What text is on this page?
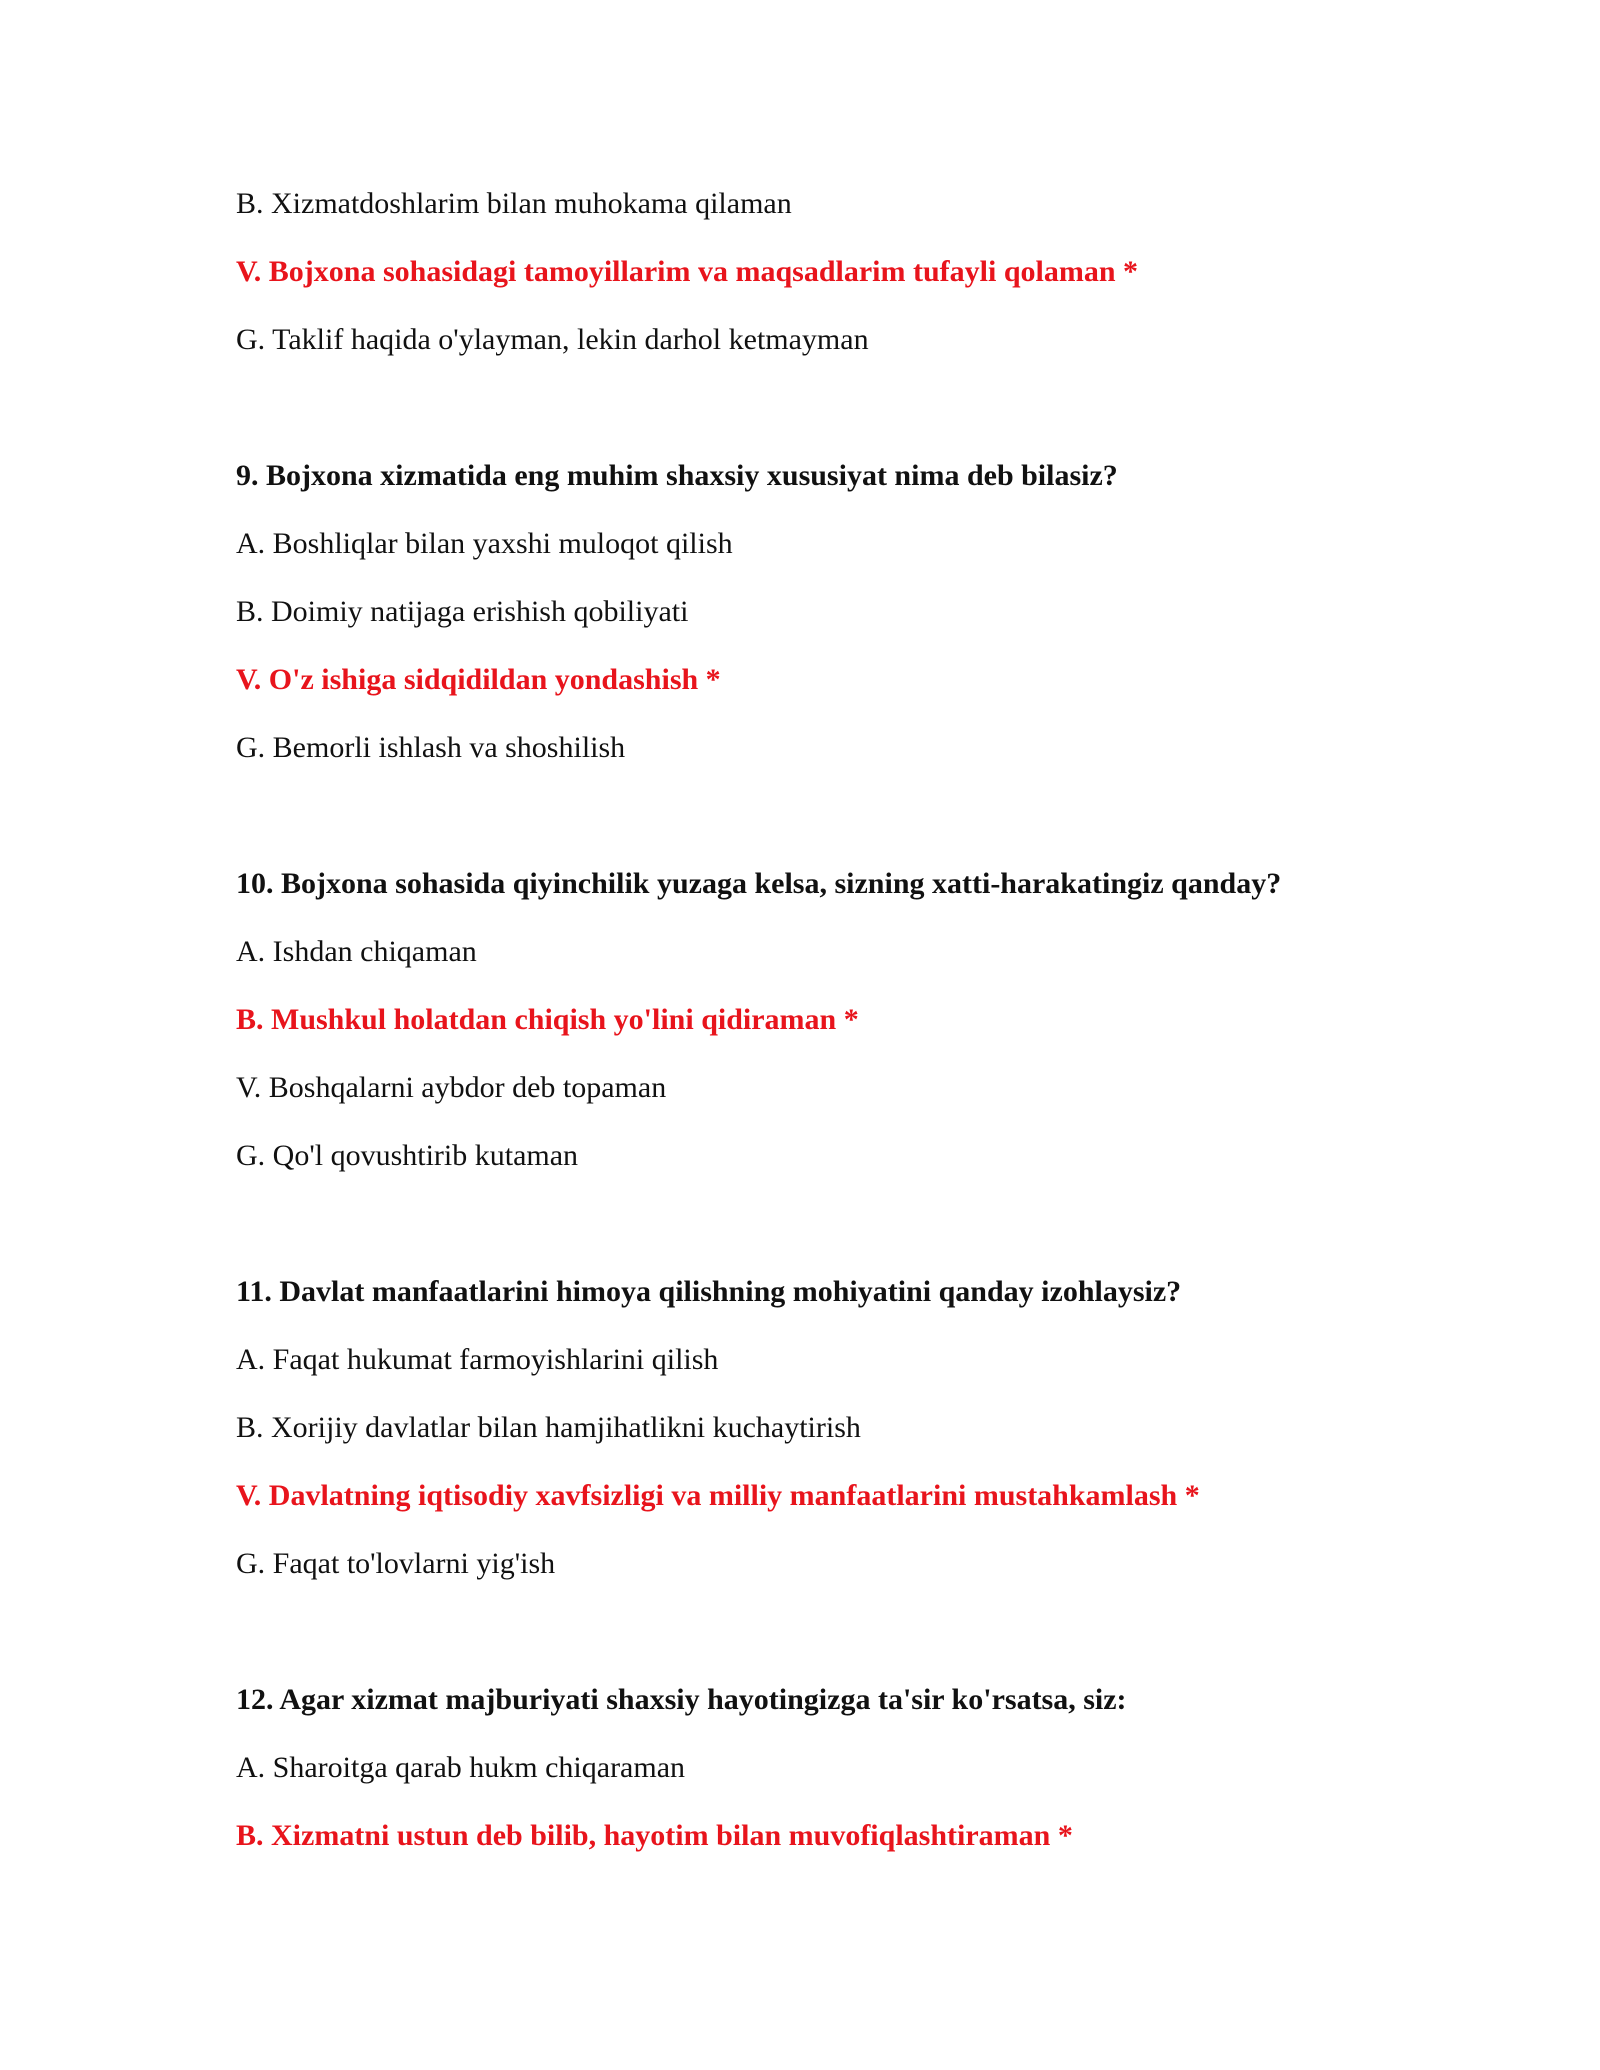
B. Xizmatdoshlarim bilan muhokama qilaman

V. Bojxona sohasidagi tamoyillarim va maqsadlarim tufayli qolaman *

G. Taklif haqida o'ylayman, lekin darhol ketmayman

9. Bojxona xizmatida eng muhim shaxsiy xususiyat nima deb bilasiz?

A. Boshliqlar bilan yaxshi muloqot qilish

B. Doimiy natijaga erishish qobiliyati

V. O'z ishiga sidqidildan yondashish *

G. Bemorli ishlash va shoshilish

10. Bojxona sohasida qiyinchilik yuzaga kelsa, sizning xatti-harakatingiz qanday?

A. Ishdan chiqaman

B. Mushkul holatdan chiqish yo'lini qidiraman *

V. Boshqalarni aybdor deb topaman

G. Qo'l qovushtirib kutaman

11. Davlat manfaatlarini himoya qilishning mohiyatini qanday izohlaysiz?

A. Faqat hukumat farmoyishlarini qilish

B. Xorijiy davlatlar bilan hamjihatlikni kuchaytirish

V. Davlatning iqtisodiy xavfsizligi va milliy manfaatlarini mustahkamlash *

G. Faqat to'lovlarni yig'ish

12. Agar xizmat majburiyati shaxsiy hayotingizga ta'sir ko'rsatsa, siz:

A. Sharoitga qarab hukm chiqaraman

B. Xizmatni ustun deb bilib, hayotim bilan muvofiqlashtiraman *
